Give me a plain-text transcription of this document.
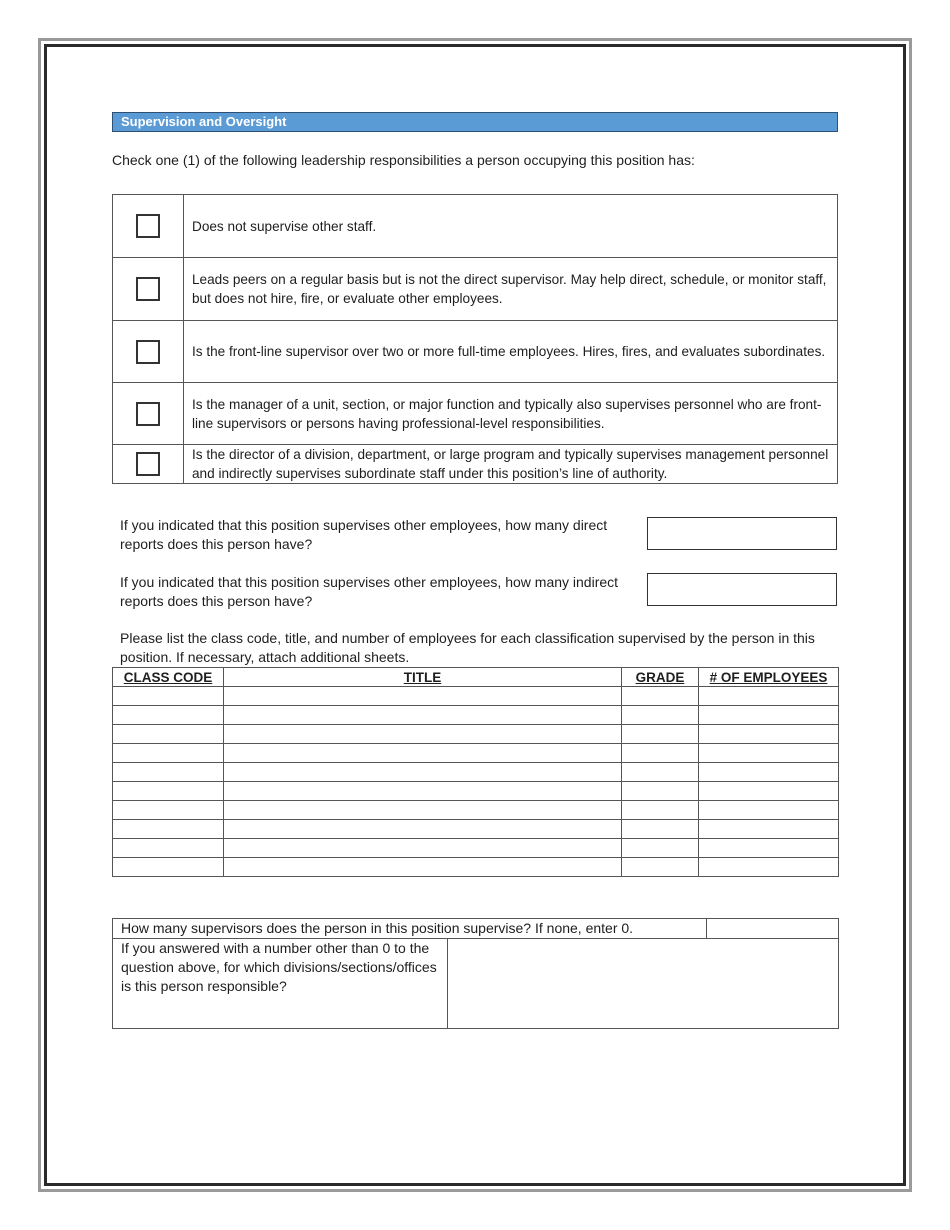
Supervision and Oversight
Check one (1) of the following leadership responsibilities a person occupying this position has:
	Does not supervise other staff.
	Leads peers on a regular basis but is not the direct supervisor. May help direct, schedule, or monitor staff, but does not hire, fire, or evaluate other employees.
	Is the front-line supervisor over two or more full-time employees. Hires, fires, and evaluates subordinates.
	Is the manager of a unit, section, or major function and typically also supervises personnel who are front-line supervisors or persons having professional-level responsibilities.
	Is the director of a division, department, or large program and typically supervises management personnel and indirectly supervises subordinate staff under this position’s line of authority.
If you indicated that this position supervises other employees, how many direct reports does this person have?
If you indicated that this position supervises other employees, how many indirect reports does this person have?
Please list the class code, title, and number of employees for each classification supervised by the person in this position. If necessary, attach additional sheets.
CLASS CODE	TITLE	GRADE	# OF EMPLOYEES

How many supervisors does the person in this position supervise? If none, enter 0.		
If you answered with a number other than 0 to the question above, for which divisions/sections/offices is this person responsible?		
